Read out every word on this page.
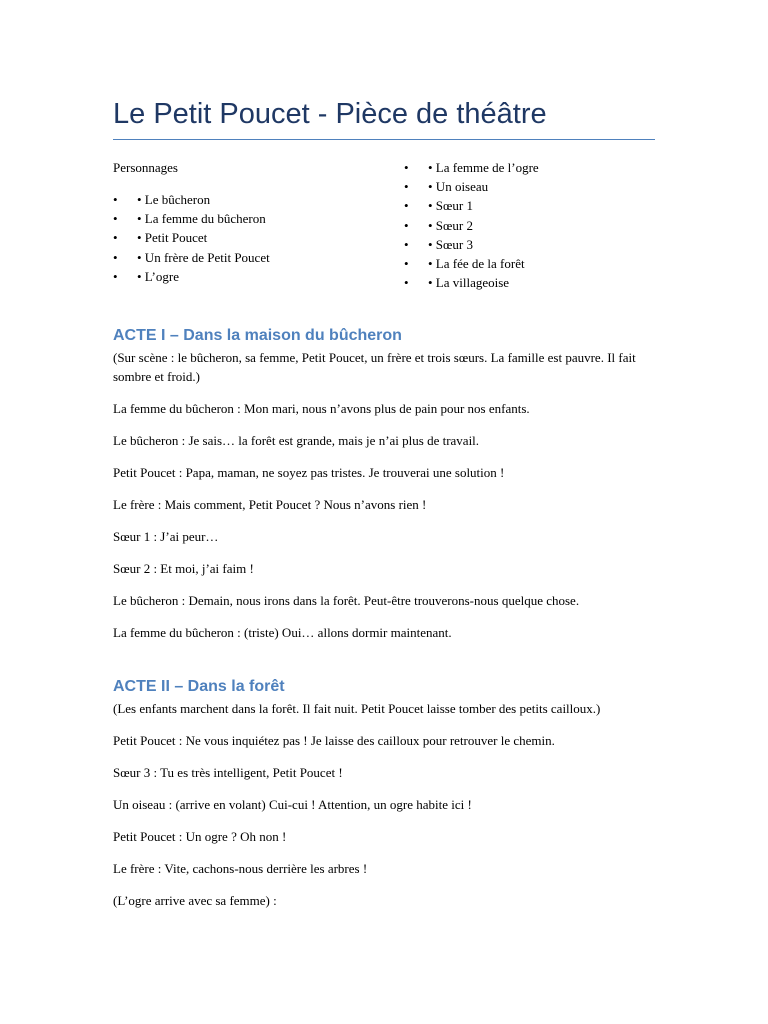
Le Petit Poucet - Pièce de théâtre

Personnages

• • Le bûcheron
• • La femme du bûcheron
• • Petit Poucet
• • Un frère de Petit Poucet
• • L’ogre
• • La femme de l’ogre
• • Un oiseau
• • Sœur 1
• • Sœur 2
• • Sœur 3
• • La fée de la forêt
• • La villageoise
ACTE I – Dans la maison du bûcheron

(Sur scène : le bûcheron, sa femme, Petit Poucet, un frère et trois sœurs. La famille est pauvre. Il fait sombre et froid.)

La femme du bûcheron : Mon mari, nous n’avons plus de pain pour nos enfants.

Le bûcheron : Je sais… la forêt est grande, mais je n’ai plus de travail.

Petit Poucet : Papa, maman, ne soyez pas tristes. Je trouverai une solution !

Le frère : Mais comment, Petit Poucet ? Nous n’avons rien !

Sœur 1 : J’ai peur…

Sœur 2 : Et moi, j’ai faim !

Le bûcheron : Demain, nous irons dans la forêt. Peut-être trouverons-nous quelque chose.

La femme du bûcheron : (triste) Oui… allons dormir maintenant.

ACTE II – Dans la forêt

(Les enfants marchent dans la forêt. Il fait nuit. Petit Poucet laisse tomber des petits cailloux.)

Petit Poucet : Ne vous inquiétez pas ! Je laisse des cailloux pour retrouver le chemin.

Sœur 3 : Tu es très intelligent, Petit Poucet !

Un oiseau : (arrive en volant) Cui-cui ! Attention, un ogre habite ici !

Petit Poucet : Un ogre ? Oh non !

Le frère : Vite, cachons-nous derrière les arbres !

(L’ogre arrive avec sa femme) :
